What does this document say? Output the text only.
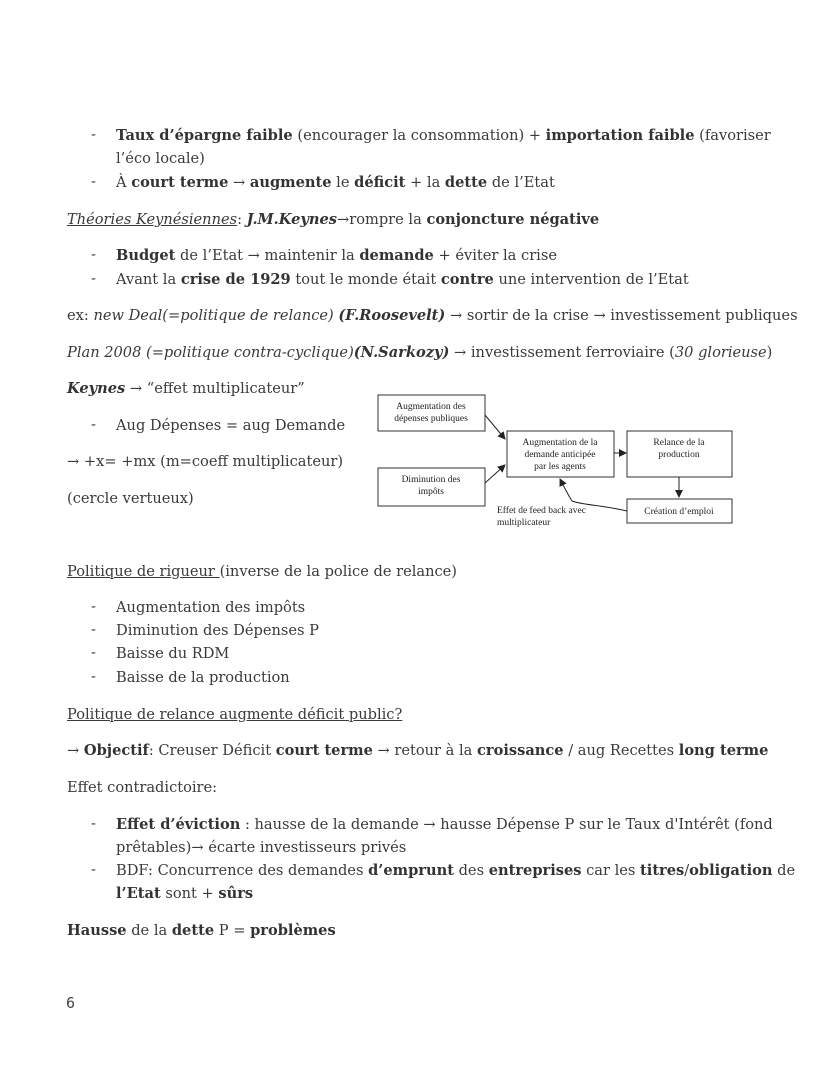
- Taux d’épargne faible (encourager la consommation) + importation faible (favoriser
l’éco locale)
- À court terme → augmente le déficit + la dette de l’Etat
Théories Keynésiennes: J.M.Keynes→rompre la conjoncture négative
- Budget de l’Etat → maintenir la demande + éviter la crise
- Avant la crise de 1929 tout le monde était contre une intervention de l’Etat
ex: new Deal(=politique de relance) (F.Roosevelt) → sortir de la crise → investissement publiques
Plan 2008 (=politique contra-cyclique)(N.Sarkozy) → investissement ferroviaire (30 glorieuse)
Keynes → “effet multiplicateur”
- Aug Dépenses = aug Demande
→ +x= +mx (m=coeff multiplicateur)
(cercle vertueux)
Augmentation des
dépenses publiques
Diminution des
impôts
Augmentation de la
demande anticipée
par les agents
Relance de la
production
Création d’emploi
Effet de feed back avec
multiplicateur
Politique de rigueur (inverse de la police de relance)
- Augmentation des impôts
- Diminution des Dépenses P
- Baisse du RDM
- Baisse de la production
Politique de relance augmente déficit public?
→ Objectif: Creuser Déficit court terme → retour à la croissance / aug Recettes long terme
Effet contradictoire:
- Effet d’éviction : hausse de la demande → hausse Dépense P sur le Taux d'Intérêt (fond
prêtables)→ écarte investisseurs privés
- BDF: Concurrence des demandes d’emprunt des entreprises car les titres/obligation de
l’Etat sont + sûrs
Hausse de la dette P = problèmes
6
